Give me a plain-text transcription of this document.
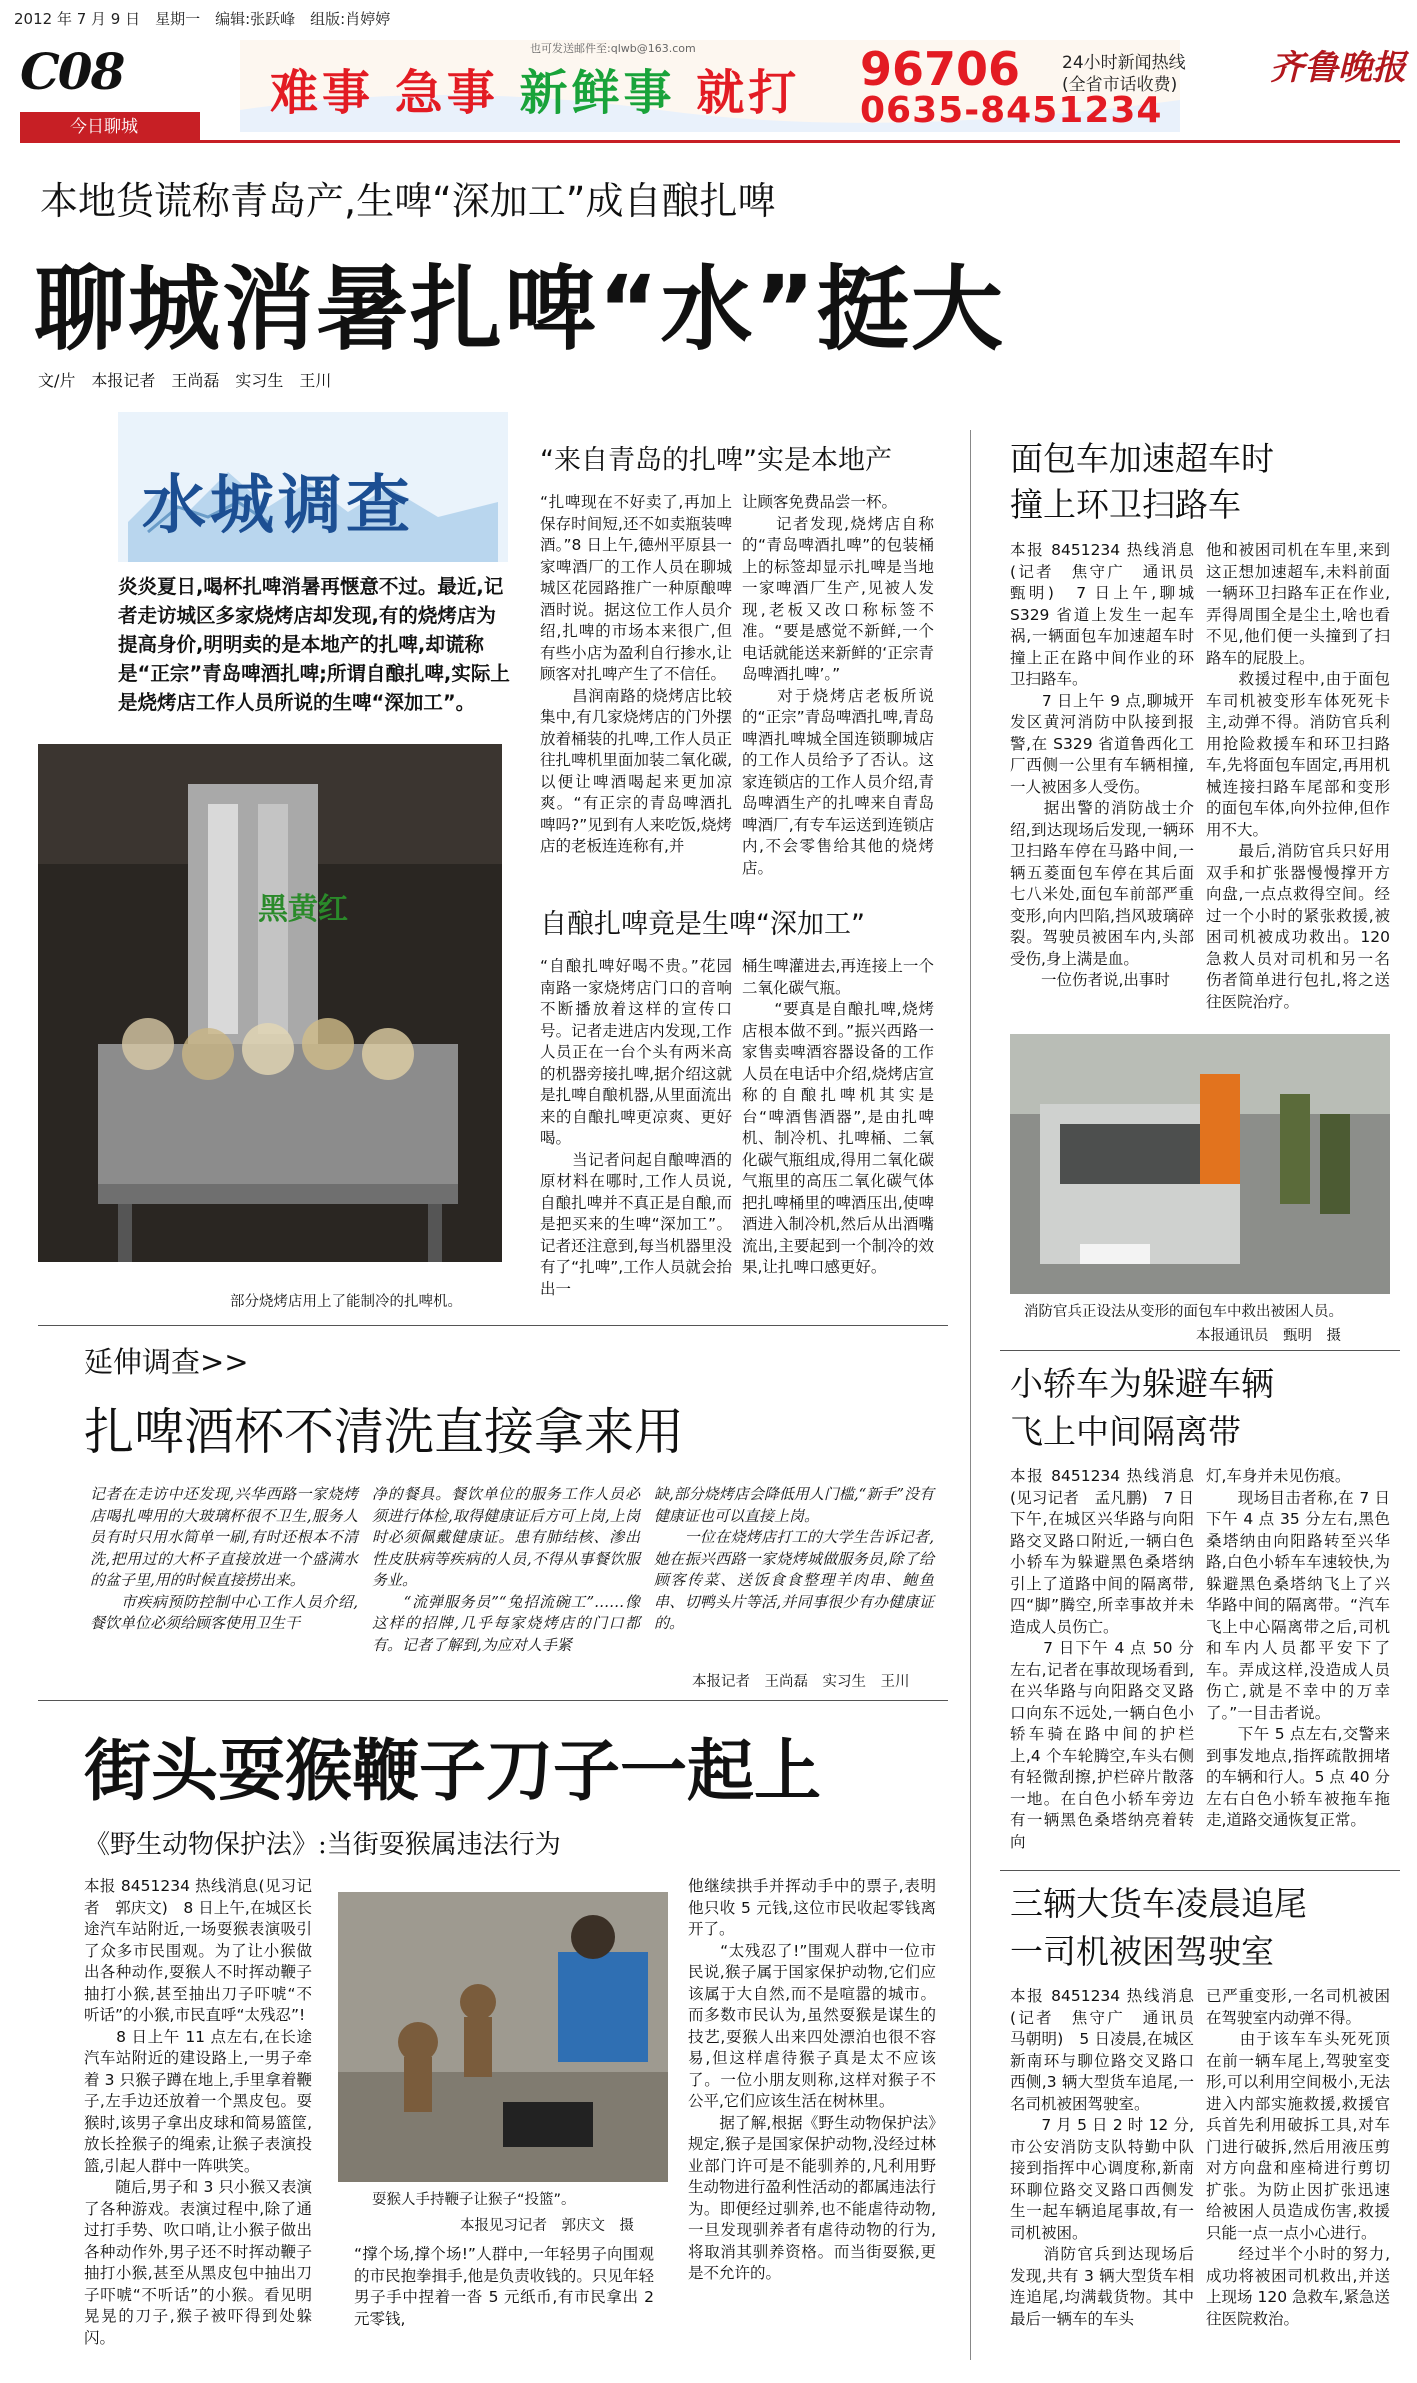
2012 年 7 月 9 日　星期一　编辑:张跃峰　组版:肖婷婷
C08	也可发送邮件至:qlwb@163.com
难事 急事 新鲜事 就打 96706 24小时新闻热线
(全省市话收费)
0635-8451234
齐鲁晚报
今日聊城
本地货谎称青岛产,生啤“深加工”成自酿扎啤
聊城消暑扎啤“水”挺大
文/片　本报记者　王尚磊　实习生　王川
水城调查
炎炎夏日,喝杯扎啤消暑再惬意不过。最近,记者走访城区多家烧烤店却发现,有的烧烤店为提高身价,明明卖的是本地产的扎啤,却谎称是“正宗”青岛啤酒扎啤;所谓自酿扎啤,实际上是烧烤店工作人员所说的生啤“深加工”。
黑黄红
部分烧烤店用上了能制冷的扎啤机。
“来自青岛的扎啤”实是本地产
“扎啤现在不好卖了,再加上保存时间短,还不如卖瓶装啤酒。”8 日上午,德州平原县一家啤酒厂的工作人员在聊城城区花园路推广一种原酿啤酒时说。据这位工作人员介绍,扎啤的市场本来很广,但有些小店为盈利自行掺水,让顾客对扎啤产生了不信任。
　　昌润南路的烧烤店比较集中,有几家烧烤店的门外摆放着桶装的扎啤,工作人员正往扎啤机里面加装二氧化碳,以便让啤酒喝起来更加凉爽。“有正宗的青岛啤酒扎啤吗?”见到有人来吃饭,烧烤店的老板连连称有,并
让顾客免费品尝一杯。
　　记者发现,烧烤店自称的“青岛啤酒扎啤”的包装桶上的标签却显示扎啤是当地一家啤酒厂生产,见被人发现,老板又改口称标签不准。“要是感觉不新鲜,一个电话就能送来新鲜的‘正宗青岛啤酒扎啤’。”
　　对于烧烤店老板所说的“正宗”青岛啤酒扎啤,青岛啤酒扎啤城全国连锁聊城店的工作人员给予了否认。这家连锁店的工作人员介绍,青岛啤酒生产的扎啤来自青岛啤酒厂,有专车运送到连锁店内,不会零售给其他的烧烤店。
自酿扎啤竟是生啤“深加工”
“自酿扎啤好喝不贵。”花园南路一家烧烤店门口的音响不断播放着这样的宣传口号。记者走进店内发现,工作人员正在一台个头有两米高的机器旁接扎啤,据介绍这就是扎啤自酿机器,从里面流出来的自酿扎啤更凉爽、更好喝。
　　当记者问起自酿啤酒的原材料在哪时,工作人员说,自酿扎啤并不真正是自酿,而是把买来的生啤“深加工”。记者还注意到,每当机器里没有了“扎啤”,工作人员就会抬出一
桶生啤灌进去,再连接上一个二氧化碳气瓶。
　　“要真是自酿扎啤,烧烤店根本做不到。”振兴西路一家售卖啤酒容器设备的工作人员在电话中介绍,烧烤店宣称的自酿扎啤机其实是台“啤酒售酒器”,是由扎啤机、制冷机、扎啤桶、二氧化碳气瓶组成,得用二氧化碳气瓶里的高压二氧化碳气体把扎啤桶里的啤酒压出,使啤酒进入制冷机,然后从出酒嘴流出,主要起到一个制冷的效果,让扎啤口感更好。
延伸调查>>
扎啤酒杯不清洗直接拿来用
记者在走访中还发现,兴华西路一家烧烤店喝扎啤用的大玻璃杯很不卫生,服务人员有时只用水简单一刷,有时还根本不清洗,把用过的大杯子直接放进一个盛满水的盆子里,用的时候直接捞出来。
　　市疾病预防控制中心工作人员介绍,餐饮单位必须给顾客使用卫生干
净的餐具。餐饮单位的服务工作人员必须进行体检,取得健康证后方可上岗,上岗时必须佩戴健康证。患有肺结核、渗出性皮肤病等疾病的人员,不得从事餐饮服务业。
　　“流弹服务员”“兔招流碗工”……像这样的招牌,几乎每家烧烤店的门口都有。记者了解到,为应对人手紧
缺,部分烧烤店会降低用人门槛,“新手”没有健康证也可以直接上岗。
　　一位在烧烤店打工的大学生告诉记者,她在振兴西路一家烧烤城做服务员,除了给顾客传菜、送饭食食整理羊肉串、鲍鱼串、切鸭头片等活,并同事很少有办健康证的。
本报记者　王尚磊　实习生　王川
街头耍猴鞭子刀子一起上
《野生动物保护法》:当街耍猴属违法行为
本报 8451234 热线消息(见习记者　郭庆文)　8 日上午,在城区长途汽车站附近,一场耍猴表演吸引了众多市民围观。为了让小猴做出各种动作,耍猴人不时挥动鞭子抽打小猴,甚至抽出刀子吓唬“不听话”的小猴,市民直呼“太残忍”!
　　8 日上午 11 点左右,在长途汽车站附近的建设路上,一男子牵着 3 只猴子蹲在地上,手里拿着鞭子,左手边还放着一个黑皮包。耍猴时,该男子拿出皮球和简易篮筐,放长拴猴子的绳索,让猴子表演投篮,引起人群中一阵哄笑。
　　随后,男子和 3 只小猴又表演了各种游戏。表演过程中,除了通过打手势、吹口哨,让小猴子做出各种动作外,男子还不时挥动鞭子抽打小猴,甚至从黑皮包中抽出刀子吓唬“不听话”的小猴。看见明晃晃的刀子,猴子被吓得到处躲闪。
耍猴人手持鞭子让猴子“投篮”。
本报见习记者　郭庆文　摄
“撑个场,撑个场!”人群中,一年轻男子向围观的市民抱拳揖手,他是负责收钱的。只见年轻男子手中捏着一沓 5 元纸币,有市民拿出 2 元零钱,
他继续拱手并挥动手中的票子,表明他只收 5 元钱,这位市民收起零钱离开了。
　　“太残忍了!”围观人群中一位市民说,猴子属于国家保护动物,它们应该属于大自然,而不是喧嚣的城市。而多数市民认为,虽然耍猴是谋生的技艺,耍猴人出来四处漂泊也很不容易,但这样虐待猴子真是太不应该了。一位小朋友则称,这样对猴子不公平,它们应该生活在树林里。
　　据了解,根据《野生动物保护法》规定,猴子是国家保护动物,没经过林业部门许可是不能驯养的,凡利用野生动物进行盈利性活动的都属违法行为。即便经过驯养,也不能虐待动物,一旦发现驯养者有虐待动物的行为,将取消其驯养资格。而当街耍猴,更是不允许的。
面包车加速超车时
撞上环卫扫路车
本报 8451234 热线消息(记者　焦守广　通讯员　甄明)　7 日上午,聊城 S329 省道上发生一起车祸,一辆面包车加速超车时撞上正在路中间作业的环卫扫路车。
　　7 日上午 9 点,聊城开发区黄河消防中队接到报警,在 S329 省道鲁西化工厂西侧一公里有车辆相撞,一人被困多人受伤。
　　据出警的消防战士介绍,到达现场后发现,一辆环卫扫路车停在马路中间,一辆五菱面包车停在其后面七八米处,面包车前部严重变形,向内凹陷,挡风玻璃碎裂。驾驶员被困车内,头部受伤,身上满是血。
　　一位伤者说,出事时
他和被困司机在车里,来到这正想加速超车,未料前面一辆环卫扫路车正在作业,弄得周围全是尘土,啥也看不见,他们便一头撞到了扫路车的屁股上。
　　救援过程中,由于面包车司机被变形车体死死卡主,动弹不得。消防官兵利用抢险救援车和环卫扫路车,先将面包车固定,再用机械连接扫路车尾部和变形的面包车体,向外拉伸,但作用不大。
　　最后,消防官兵只好用双手和扩张器慢慢撑开方向盘,一点点救得空间。经过一个小时的紧张救援,被困司机被成功救出。120 急救人员对司机和另一名伤者简单进行包扎,将之送往医院治疗。
消防官兵正设法从变形的面包车中救出被困人员。
本报通讯员　甄明　摄
小轿车为躲避车辆
飞上中间隔离带
本报 8451234 热线消息(见习记者　孟凡鹏)　7 日下午,在城区兴华路与向阳路交叉路口附近,一辆白色小轿车为躲避黑色桑塔纳引上了道路中间的隔离带,四“脚”腾空,所幸事故并未造成人员伤亡。
　　7 日下午 4 点 50 分左右,记者在事故现场看到,在兴华路与向阳路交叉路口向东不远处,一辆白色小轿车骑在路中间的护栏上,4 个车轮腾空,车头右侧有轻微刮擦,护栏碎片散落一地。在白色小轿车旁边有一辆黑色桑塔纳亮着转向
灯,车身并未见伤痕。
　　现场目击者称,在 7 日下午 4 点 35 分左右,黑色桑塔纳由向阳路转至兴华路,白色小轿车车速较快,为躲避黑色桑塔纳飞上了兴华路中间的隔离带。“汽车飞上中心隔离带之后,司机和车内人员都平安下了车。弄成这样,没造成人员伤亡,就是不幸中的万幸了。”一目击者说。
　　下午 5 点左右,交警来到事发地点,指挥疏散拥堵的车辆和行人。5 点 40 分左右白色小轿车被拖车拖走,道路交通恢复正常。
三辆大货车凌晨追尾
一司机被困驾驶室
本报 8451234 热线消息(记者　焦守广　通讯员　马朝明)　5 日凌晨,在城区新南环与聊位路交叉路口西侧,3 辆大型货车追尾,一名司机被困驾驶室。
　　7 月 5 日 2 时 12 分,市公安消防支队特勤中队接到指挥中心调度称,新南环聊位路交叉路口西侧发生一起车辆追尾事故,有一司机被困。
　　消防官兵到达现场后发现,共有 3 辆大型货车相连追尾,均满载货物。其中最后一辆车的车头
已严重变形,一名司机被困在驾驶室内动弹不得。
　　由于该车车头死死顶在前一辆车尾上,驾驶室变形,可以利用空间极小,无法进入内部实施救援,救援官兵首先利用破拆工具,对车门进行破拆,然后用液压剪对方向盘和座椅进行剪切扩张。为防止因扩张迅速给被困人员造成伤害,救援只能一点一点小心进行。
　　经过半个小时的努力,成功将被困司机救出,并送上现场 120 急救车,紧急送往医院救治。
